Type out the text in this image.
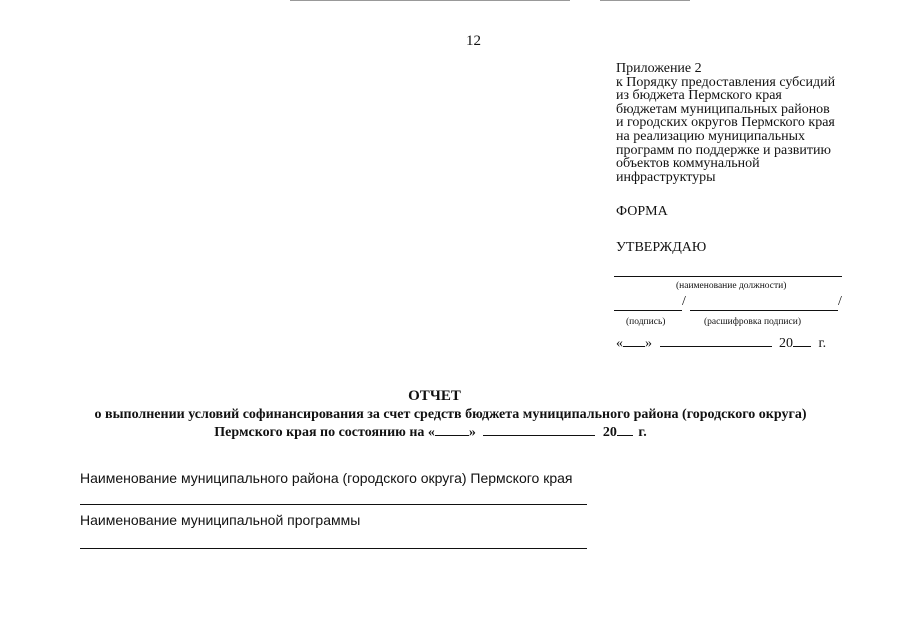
12
Приложение 2
к Порядку предоставления субсидий
из бюджета Пермского края
бюджетам муниципальных районов
и городских округов Пермского края
на реализацию муниципальных
программ по поддержке и развитию
объектов коммунальной
инфраструктуры
ФОРМА
УТВЕРЖДАЮ
(наименование должности)
/	/
(подпись)	(расшифровка подписи)
« »	20 г.
ОТЧЕТ
о выполнении условий софинансирования за счет средств бюджета муниципального района (городского округа)
Пермского края по состоянию на « »	20 г.
Наименование муниципального района (городского округа) Пермского края
Наименование муниципальной программы
